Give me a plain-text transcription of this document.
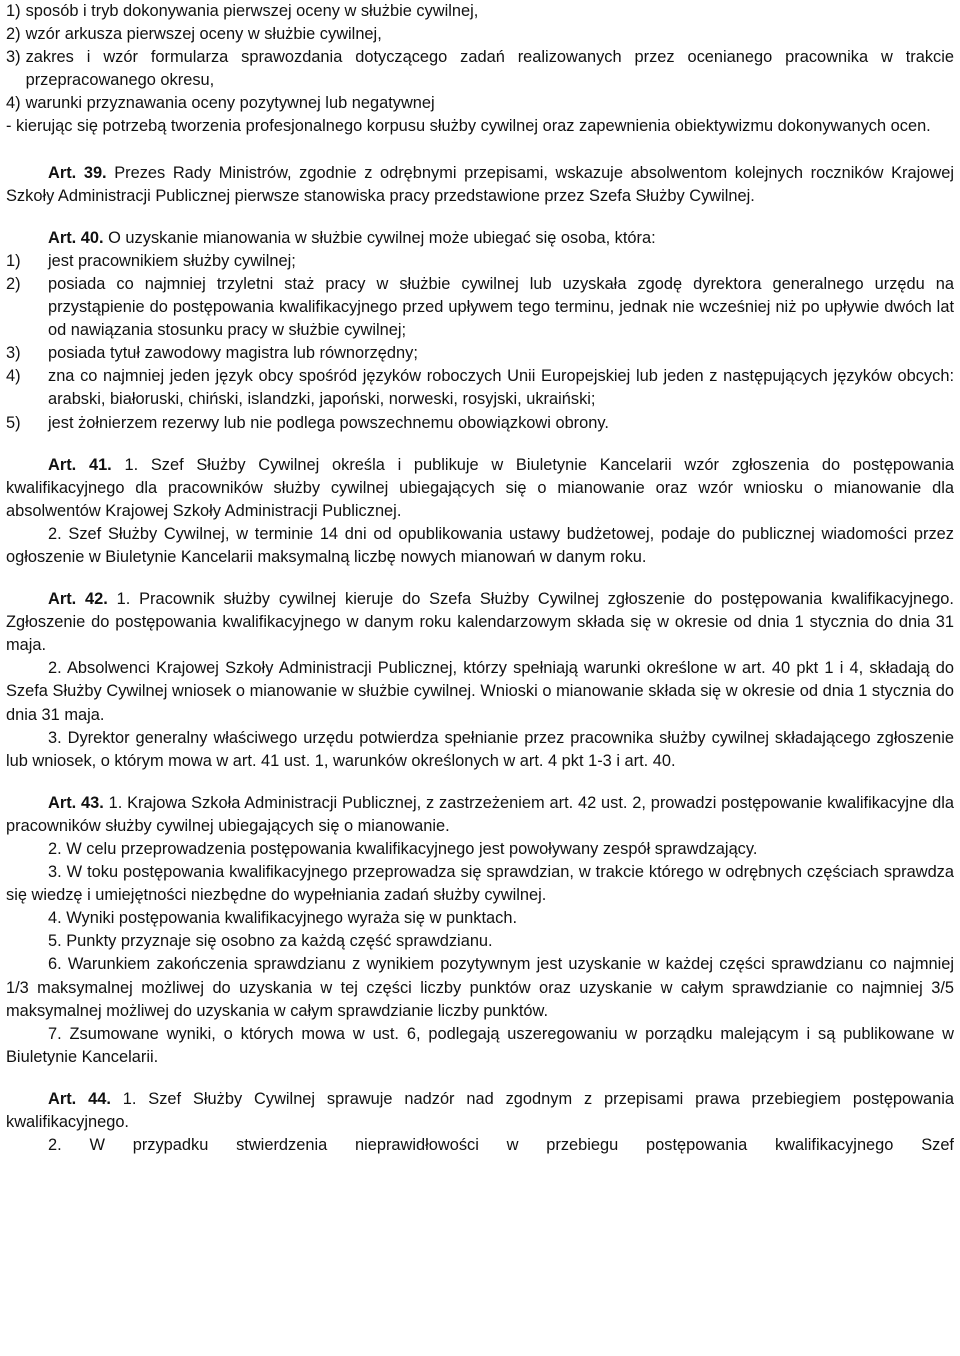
1) sposób i tryb dokonywania pierwszej oceny w służbie cywilnej,
2) wzór arkusza pierwszej oceny w służbie cywilnej,
3) zakres i wzór formularza sprawozdania dotyczącego zadań realizowanych przez ocenianego pracownika w trakcie przepracowanego okresu,
4) warunki przyznawania oceny pozytywnej lub negatywnej

- kierując się potrzebą tworzenia profesjonalnego korpusu służby cywilnej oraz zapewnienia obiektywizmu dokonywanych ocen.

Art. 39. Prezes Rady Ministrów, zgodnie z odrębnymi przepisami, wskazuje absolwentom kolejnych roczników Krajowej Szkoły Administracji Publicznej pierwsze stanowiska pracy przedstawione przez Szefa Służby Cywilnej.

Art. 40. O uzyskanie mianowania w służbie cywilnej może ubiegać się osoba, która:

1)	jest pracownikiem służby cywilnej;
2)	posiada co najmniej trzyletni staż pracy w służbie cywilnej lub uzyskała zgodę dyrektora generalnego urzędu na przystąpienie do postępowania kwalifikacyjnego przed upływem tego terminu, jednak nie wcześniej niż po upływie dwóch lat od nawiązania stosunku pracy w służbie cywilnej;
3)	posiada tytuł zawodowy magistra lub równorzędny;
4)	zna co najmniej jeden język obcy spośród języków roboczych Unii Europejskiej lub jeden z następujących języków obcych: arabski, białoruski, chiński, islandzki, japoński, norweski, rosyjski, ukraiński;
5)	jest żołnierzem rezerwy lub nie podlega powszechnemu obowiązkowi obrony.

Art. 41. 1. Szef Służby Cywilnej określa i publikuje w Biuletynie Kancelarii wzór zgłoszenia do postępowania kwalifikacyjnego dla pracowników służby cywilnej ubiegających się o mianowanie oraz wzór wniosku o mianowanie dla absolwentów Krajowej Szkoły Administracji Publicznej.

2. Szef Służby Cywilnej, w terminie 14 dni od opublikowania ustawy budżetowej, podaje do publicznej wiadomości przez ogłoszenie w Biuletynie Kancelarii maksymalną liczbę nowych mianowań w danym roku.

Art. 42. 1. Pracownik służby cywilnej kieruje do Szefa Służby Cywilnej zgłoszenie do postępowania kwalifikacyjnego. Zgłoszenie do postępowania kwalifikacyjnego w danym roku kalendarzowym składa się w okresie od dnia 1 stycznia do dnia 31 maja.

2. Absolwenci Krajowej Szkoły Administracji Publicznej, którzy spełniają warunki określone w art. 40 pkt 1 i 4, składają do Szefa Służby Cywilnej wniosek o mianowanie w służbie cywilnej. Wnioski o mianowanie składa się w okresie od dnia 1 stycznia do dnia 31 maja.

3. Dyrektor generalny właściwego urzędu potwierdza spełnianie przez pracownika służby cywilnej składającego zgłoszenie lub wniosek, o którym mowa w art. 41 ust. 1, warunków określonych w art. 4 pkt 1-3 i art. 40.

Art. 43. 1. Krajowa Szkoła Administracji Publicznej, z zastrzeżeniem art. 42 ust. 2, prowadzi postępowanie kwalifikacyjne dla pracowników służby cywilnej ubiegających się o mianowanie.

2. W celu przeprowadzenia postępowania kwalifikacyjnego jest powoływany zespół sprawdzający.

3. W toku postępowania kwalifikacyjnego przeprowadza się sprawdzian, w trakcie którego w odrębnych częściach sprawdza się wiedzę i umiejętności niezbędne do wypełniania zadań służby cywilnej.

4. Wyniki postępowania kwalifikacyjnego wyraża się w punktach.

5. Punkty przyznaje się osobno za każdą część sprawdzianu.

6. Warunkiem zakończenia sprawdzianu z wynikiem pozytywnym jest uzyskanie w każdej części sprawdzianu co najmniej 1/3 maksymalnej możliwej do uzyskania w tej części liczby punktów oraz uzyskanie w całym sprawdzianie co najmniej 3/5 maksymalnej możliwej do uzyskania w całym sprawdzianie liczby punktów.

7. Zsumowane wyniki, o których mowa w ust. 6, podlegają uszeregowaniu w porządku malejącym i są publikowane w Biuletynie Kancelarii.

Art. 44. 1. Szef Służby Cywilnej sprawuje nadzór nad zgodnym z przepisami prawa przebiegiem postępowania kwalifikacyjnego.

2. W przypadku stwierdzenia nieprawidłowości w przebiegu postępowania kwalifikacyjnego Szef
